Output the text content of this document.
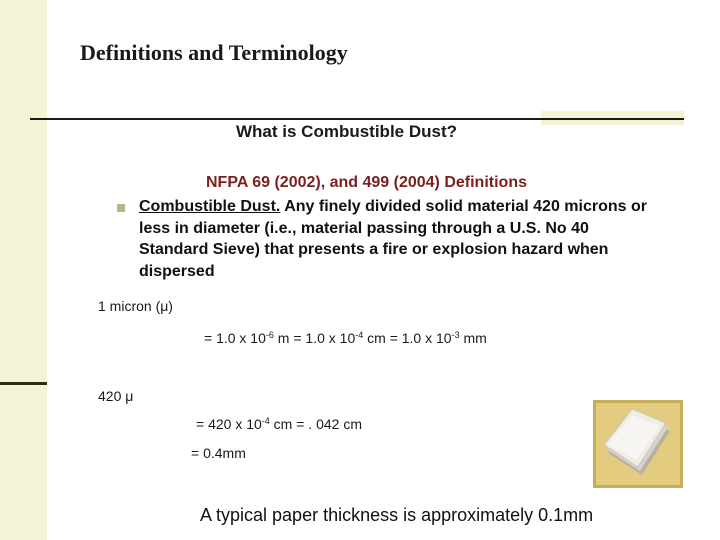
Definitions and Terminology
What is Combustible Dust?
NFPA 69 (2002), and 499 (2004) Definitions
Combustible Dust. Any finely divided solid material 420 microns or less in diameter (i.e., material passing through a U.S. No 40 Standard Sieve) that presents a fire or explosion hazard when dispersed
1 micron (μ)
= 1.0 x $10^{-6}$ m = 1.0 x $10^{-4}$ cm = 1.0 x $10^{-3}$ mm
420 μ
= 420 x $10^{-4}$ cm = . 042 cm
= 0.4mm
A typical paper thickness is approximately 0.1mm
